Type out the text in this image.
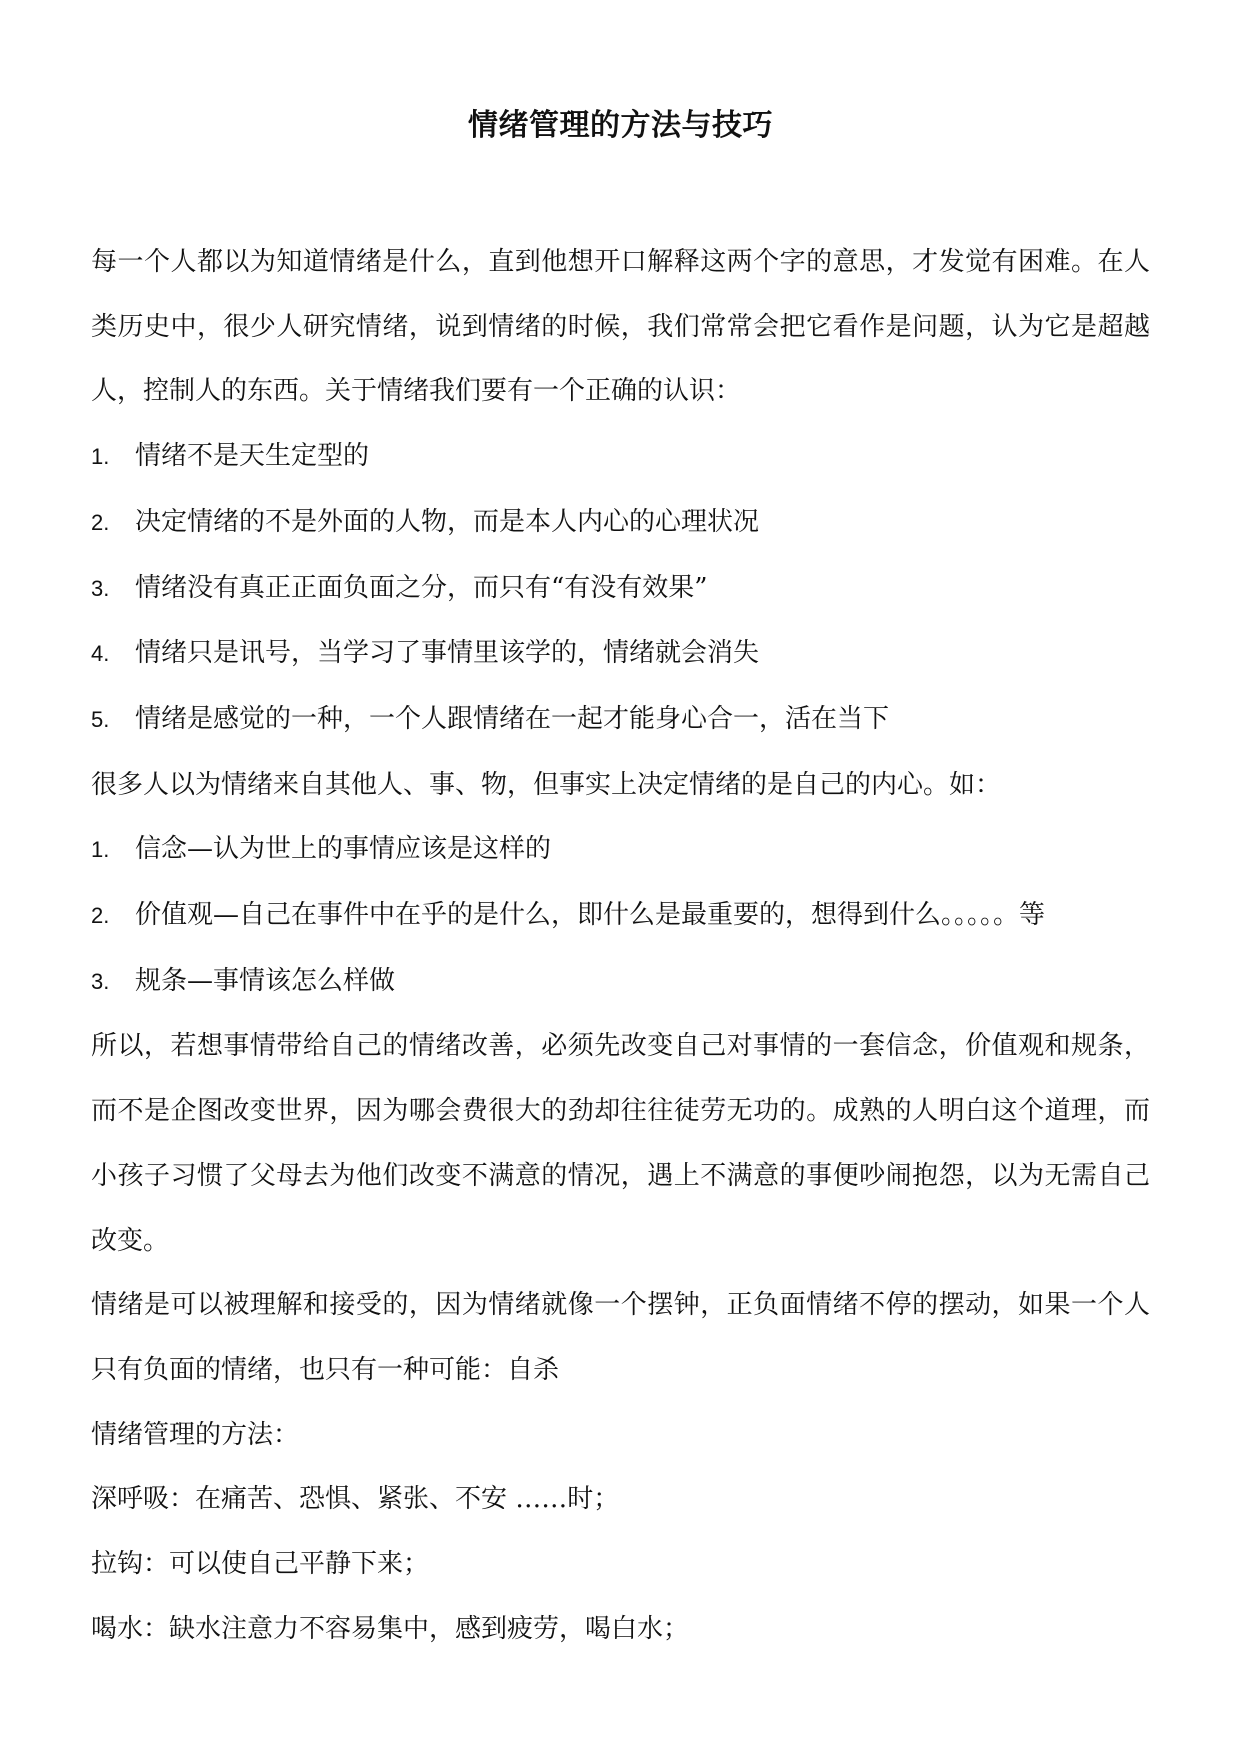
情绪管理的方法与技巧

每一个人都以为知道情绪是什么，直到他想开口解释这两个字的意思，才发觉有困难。在人类历史中，很少人研究情绪，说到情绪的时候，我们常常会把它看作是问题，认为它是超越人，控制人的东西。关于情绪我们要有一个正确的认识：

1. 情绪不是天生定型的

2. 决定情绪的不是外面的人物，而是本人内心的心理状况

3. 情绪没有真正正面负面之分，而只有“有没有效果”

4. 情绪只是讯号，当学习了事情里该学的，情绪就会消失

5. 情绪是感觉的一种，一个人跟情绪在一起才能身心合一，活在当下

很多人以为情绪来自其他人、事、物，但事实上决定情绪的是自己的内心。如：

1. 信念—认为世上的事情应该是这样的

2. 价值观—自己在事件中在乎的是什么，即什么是最重要的，想得到什么。。。。。等

3. 规条—事情该怎么样做

所以，若想事情带给自己的情绪改善，必须先改变自己对事情的一套信念，价值观和规条，而不是企图改变世界，因为哪会费很大的劲却往往徒劳无功的。成熟的人明白这个道理，而小孩子习惯了父母去为他们改变不满意的情况，遇上不满意的事便吵闹抱怨，以为无需自己改变。

情绪是可以被理解和接受的，因为情绪就像一个摆钟，正负面情绪不停的摆动，如果一个人只有负面的情绪，也只有一种可能：自杀

情绪管理的方法：

深呼吸：在痛苦、恐惧、紧张、不安 ……时；

拉钩：可以使自己平静下来；

喝水：缺水注意力不容易集中，感到疲劳，喝白水；
